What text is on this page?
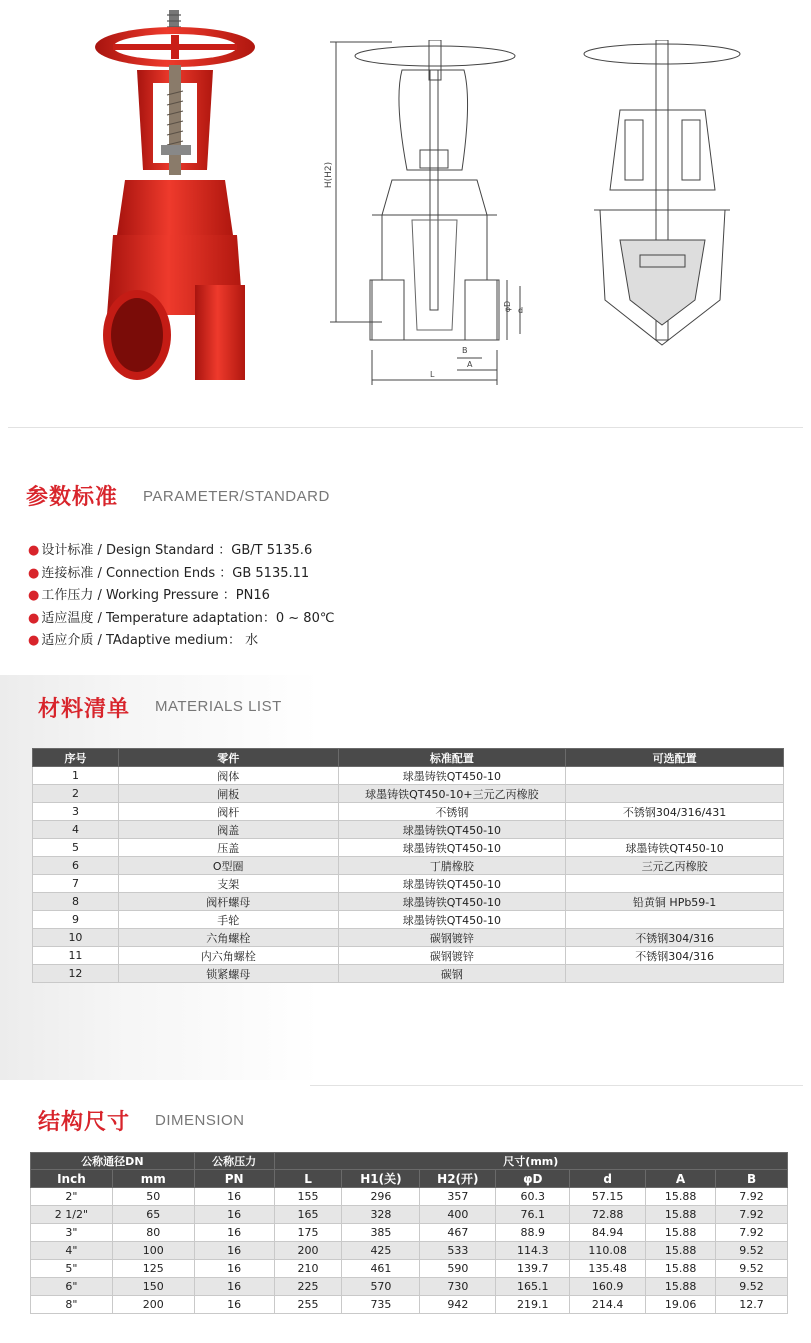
H(H2)
φD d
B
A
L
参数标准 PARAMETER/STANDARD
● 设计标准 / Design Standard ：GB/T 5135.6
● 连接标准 / Connection Ends ：GB 5135.11
● 工作压力 / Working Pressure ：PN16
● 适应温度 / Temperature adaptation：0 ~ 80℃
● 适应介质 / TAdaptive medium： 水
材料清单 MATERIALS LIST
序号	零件	标准配置	可选配置
1	阀体	球墨铸铁QT450-10	
2	闸板	球墨铸铁QT450-10+三元乙丙橡胶	
3	阀杆	不锈钢	不锈钢304/316/431
4	阀盖	球墨铸铁QT450-10	
5	压盖	球墨铸铁QT450-10	球墨铸铁QT450-10
6	O型圈	丁腈橡胶	三元乙丙橡胶
7	支架	球墨铸铁QT450-10	
8	阀杆螺母	球墨铸铁QT450-10	铅黄铜 HPb59-1
9	手轮	球墨铸铁QT450-10	
10	六角螺栓	碳钢镀锌	不锈钢304/316
11	内六角螺栓	碳钢镀锌	不锈钢304/316
12	锁紧螺母	碳钢	
结构尺寸 DIMENSION
公称通径DN		公称压力	尺寸(mm)						
Inch	mm	PN	L	H1(关)	H2(开)	φD	d	A	B
2"	50	16	155	296	357	60.3	57.15	15.88	7.92
2 1/2"	65	16	165	328	400	76.1	72.88	15.88	7.92
3"	80	16	175	385	467	88.9	84.94	15.88	7.92
4"	100	16	200	425	533	114.3	110.08	15.88	9.52
5"	125	16	210	461	590	139.7	135.48	15.88	9.52
6"	150	16	225	570	730	165.1	160.9	15.88	9.52
8"	200	16	255	735	942	219.1	214.4	19.06	12.7
